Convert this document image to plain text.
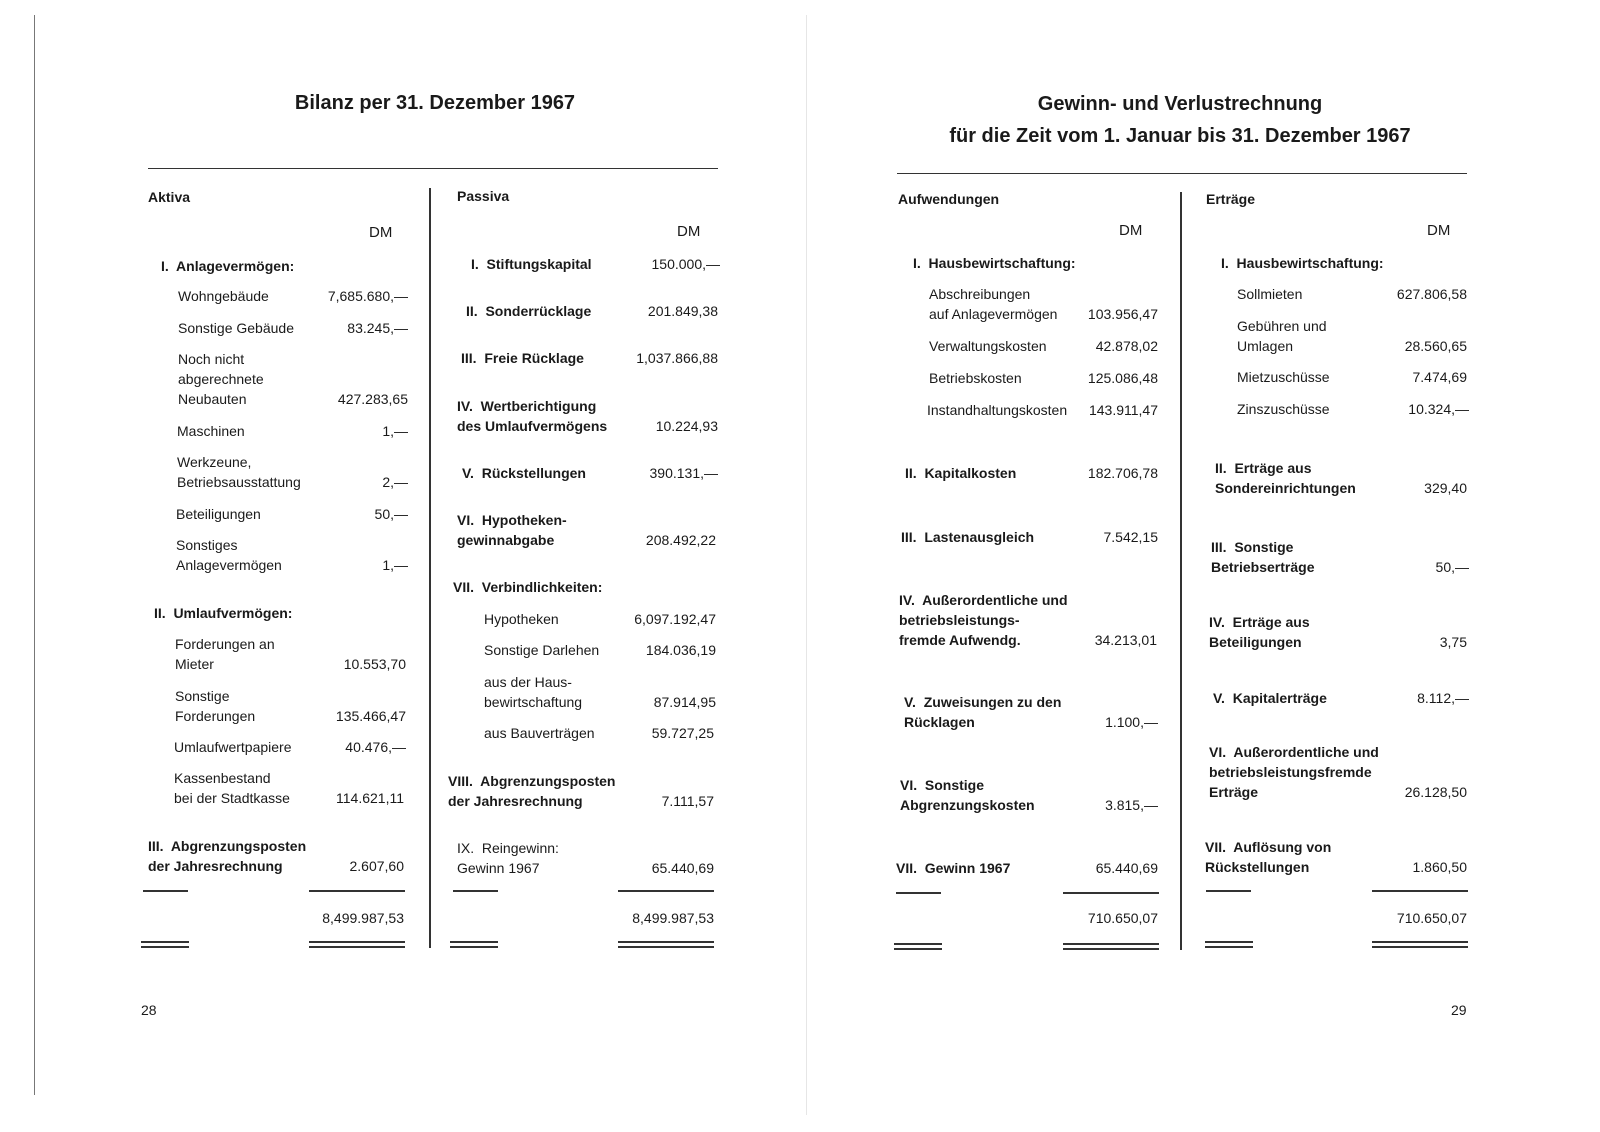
Bilanz per 31. Dezember 1967
Aktiva
DM
Passiva
DM
I.  Anlagevermögen:
Wohngebäude	7,685.680,—
Sonstige Gebäude	83.245,—
Noch nicht
abgerechnete
Neubauten	427.283,65
Maschinen	1,—
Werkzeune,
Betriebsausstattung	2,—
Beteiligungen	50,—
Sonstiges
Anlagevermögen	1,—
II.  Umlaufvermögen:
Forderungen an
Mieter	10.553,70
Sonstige
Forderungen	135.466,47
Umlaufwertpapiere	40.476,—
Kassenbestand
bei der Stadtkasse	114.621,11
III.  Abgrenzungsposten
der Jahresrechnung	2.607,60
8,499.987,53
I.  Stiftungskapital	150.000,—
II.  Sonderrücklage	201.849,38
III.  Freie Rücklage	1,037.866,88
IV.  Wertberichtigung
des Umlaufvermögens	10.224,93
V.  Rückstellungen	390.131,—
VI.  Hypotheken-
gewinnabgabe	208.492,22
VII.  Verbindlichkeiten:
Hypotheken	6,097.192,47
Sonstige Darlehen	184.036,19
aus der Haus-
bewirtschaftung	87.914,95
aus Bauverträgen	59.727,25
VIII.  Abgrenzungsposten
der Jahresrechnung	7.111,57
IX.  Reingewinn:
Gewinn 1967	65.440,69
8,499.987,53
28
Gewinn- und Verlustrechnung
für die Zeit vom 1. Januar bis 31. Dezember 1967
Aufwendungen
DM
Erträge
DM
I.  Hausbewirtschaftung:
Abschreibungen
auf Anlagevermögen	103.956,47
Verwaltungskosten	42.878,02
Betriebskosten	125.086,48
Instandhaltungskosten	143.911,47
II.  Kapitalkosten	182.706,78
III.  Lastenausgleich	7.542,15
IV.  Außerordentliche und
betriebsleistungs-
fremde Aufwendg.	34.213,01
V.  Zuweisungen zu den
Rücklagen	1.100,—
VI.  Sonstige
Abgrenzungskosten	3.815,—
VII.  Gewinn 1967	65.440,69
710.650,07
I.  Hausbewirtschaftung:
Sollmieten	627.806,58
Gebühren und
Umlagen	28.560,65
Mietzuschüsse	7.474,69
Zinszuschüsse	10.324,—
II.  Erträge aus
Sondereinrichtungen	329,40
III.  Sonstige
Betriebserträge	50,—
IV.  Erträge aus
Beteiligungen	3,75
V.  Kapitalerträge	8.112,—
VI.  Außerordentliche und
betriebsleistungsfremde
Erträge	26.128,50
VII.  Auflösung von
Rückstellungen	1.860,50
710.650,07
29
